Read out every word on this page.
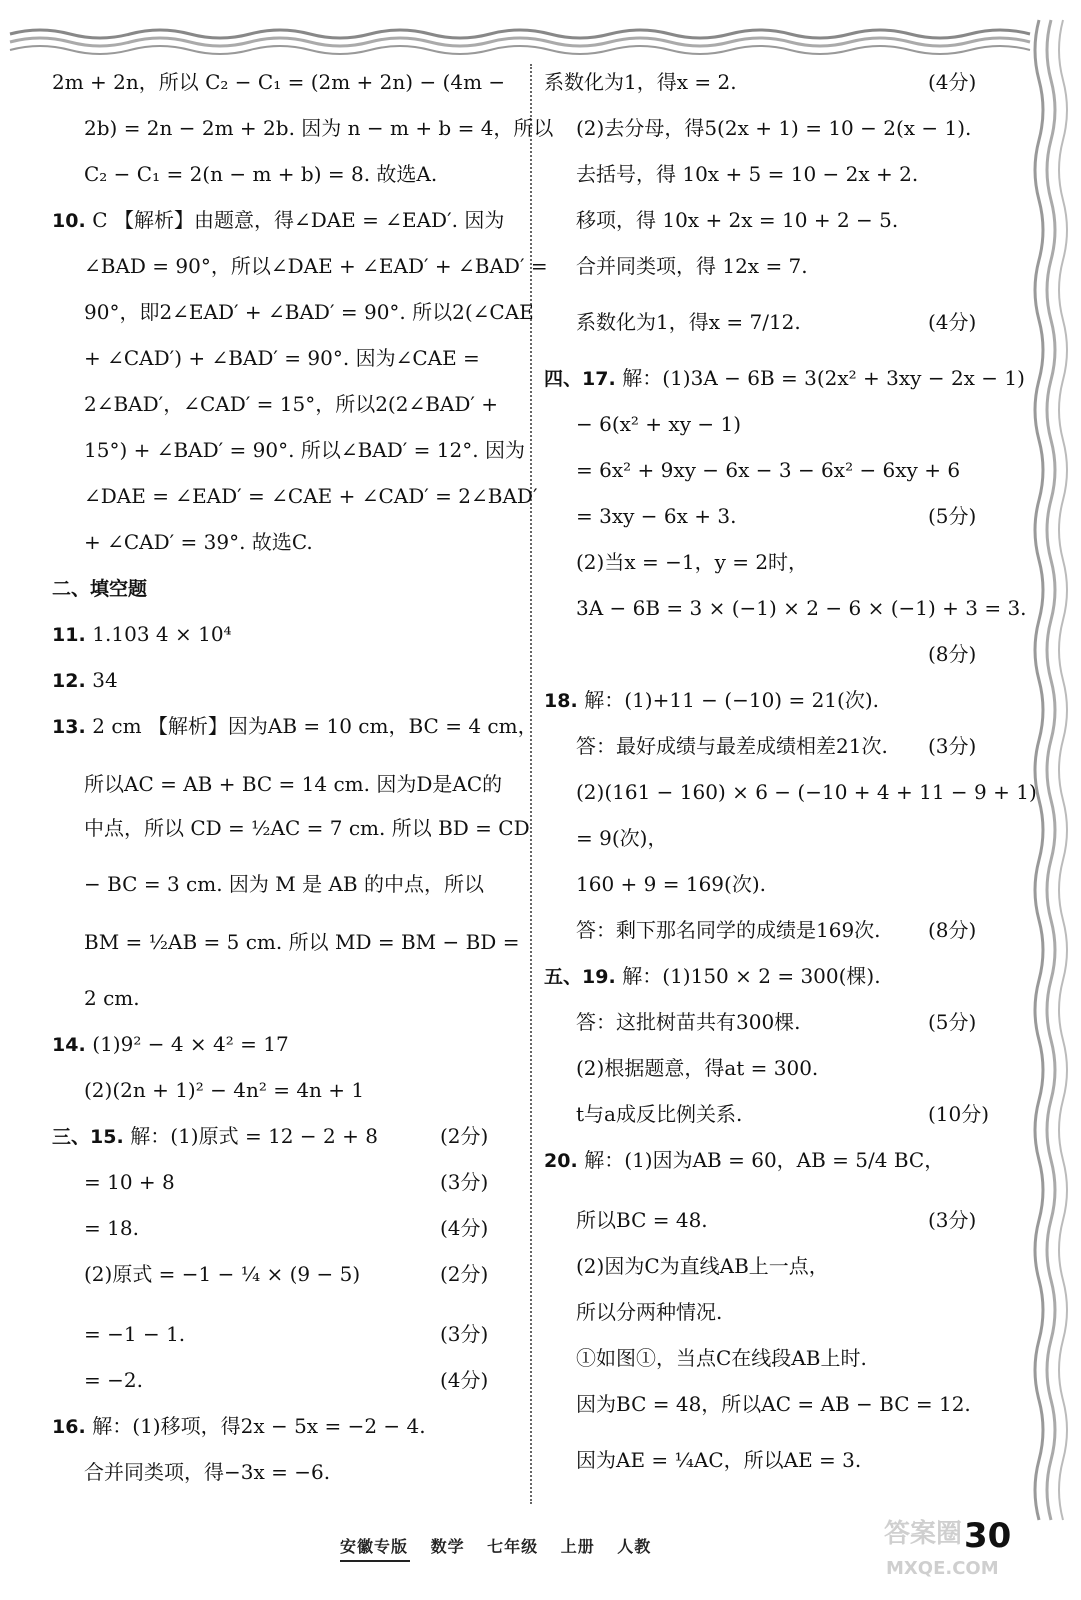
2m + 2n，所以 C₂ − C₁ = (2m + 2n) − (4m −
2b) = 2n − 2m + 2b. 因为 n − m + b = 4，所以
C₂ − C₁ = 2(n − m + b) = 8. 故选A.
10. C 【解析】由题意，得∠DAE = ∠EAD′. 因为
∠BAD = 90°，所以∠DAE + ∠EAD′ + ∠BAD′ =
90°，即2∠EAD′ + ∠BAD′ = 90°. 所以2(∠CAE
+ ∠CAD′) + ∠BAD′ = 90°. 因为∠CAE =
2∠BAD′，∠CAD′ = 15°，所以2(2∠BAD′ +
15°) + ∠BAD′ = 90°. 所以∠BAD′ = 12°. 因为
∠DAE = ∠EAD′ = ∠CAE + ∠CAD′ = 2∠BAD′
+ ∠CAD′ = 39°. 故选C.
二、填空题
11. 1.103 4 × 10⁴
12. 34
13. 2 cm 【解析】因为AB = 10 cm，BC = 4 cm，
所以AC = AB + BC = 14 cm. 因为D是AC的
中点，所以 CD = ½AC = 7 cm. 所以 BD = CD
− BC = 3 cm. 因为 M 是 AB 的中点，所以
BM = ½AB = 5 cm. 所以 MD = BM − BD =
2 cm.
14. (1)9² − 4 × 4² = 17
(2)(2n + 1)² − 4n² = 4n + 1
三、15. 解：(1)原式 = 12 − 2 + 8	(2分)
= 10 + 8	(3分)
= 18.	(4分)
(2)原式 = −1 − ¼ × (9 − 5)	(2分)
= −1 − 1.	(3分)
= −2.	(4分)
16. 解：(1)移项，得2x − 5x = −2 − 4.
合并同类项，得−3x = −6.
系数化为1，得x = 2.	(4分)
(2)去分母，得5(2x + 1) = 10 − 2(x − 1).
去括号，得 10x + 5 = 10 − 2x + 2.
移项，得 10x + 2x = 10 + 2 − 5.
合并同类项，得 12x = 7.
系数化为1，得x = 7/12.	(4分)
四、17. 解：(1)3A − 6B = 3(2x² + 3xy − 2x − 1)
− 6(x² + xy − 1)
= 6x² + 9xy − 6x − 3 − 6x² − 6xy + 6
= 3xy − 6x + 3.	(5分)
(2)当x = −1，y = 2时，
3A − 6B = 3 × (−1) × 2 − 6 × (−1) + 3 = 3.
(8分)
18. 解：(1)+11 − (−10) = 21(次).
答：最好成绩与最差成绩相差21次. (3分)
(2)(161 − 160) × 6 − (−10 + 4 + 11 − 9 + 1)
= 9(次)，
160 + 9 = 169(次).
答：剩下那名同学的成绩是169次. (8分)
五、19. 解：(1)150 × 2 = 300(棵).
答：这批树苗共有300棵.	(5分)
(2)根据题意，得at = 300.
t与a成反比例关系.	(10分)
20. 解：(1)因为AB = 60，AB = 5/4 BC，
所以BC = 48.	(3分)
(2)因为C为直线AB上一点，
所以分两种情况.
①如图①，当点C在线段AB上时.
因为BC = 48，所以AC = AB − BC = 12.
因为AE = ¼AC，所以AE = 3.
安徽专版 数学 七年级 上册 人教	答案圈
MXQE.COM
30
